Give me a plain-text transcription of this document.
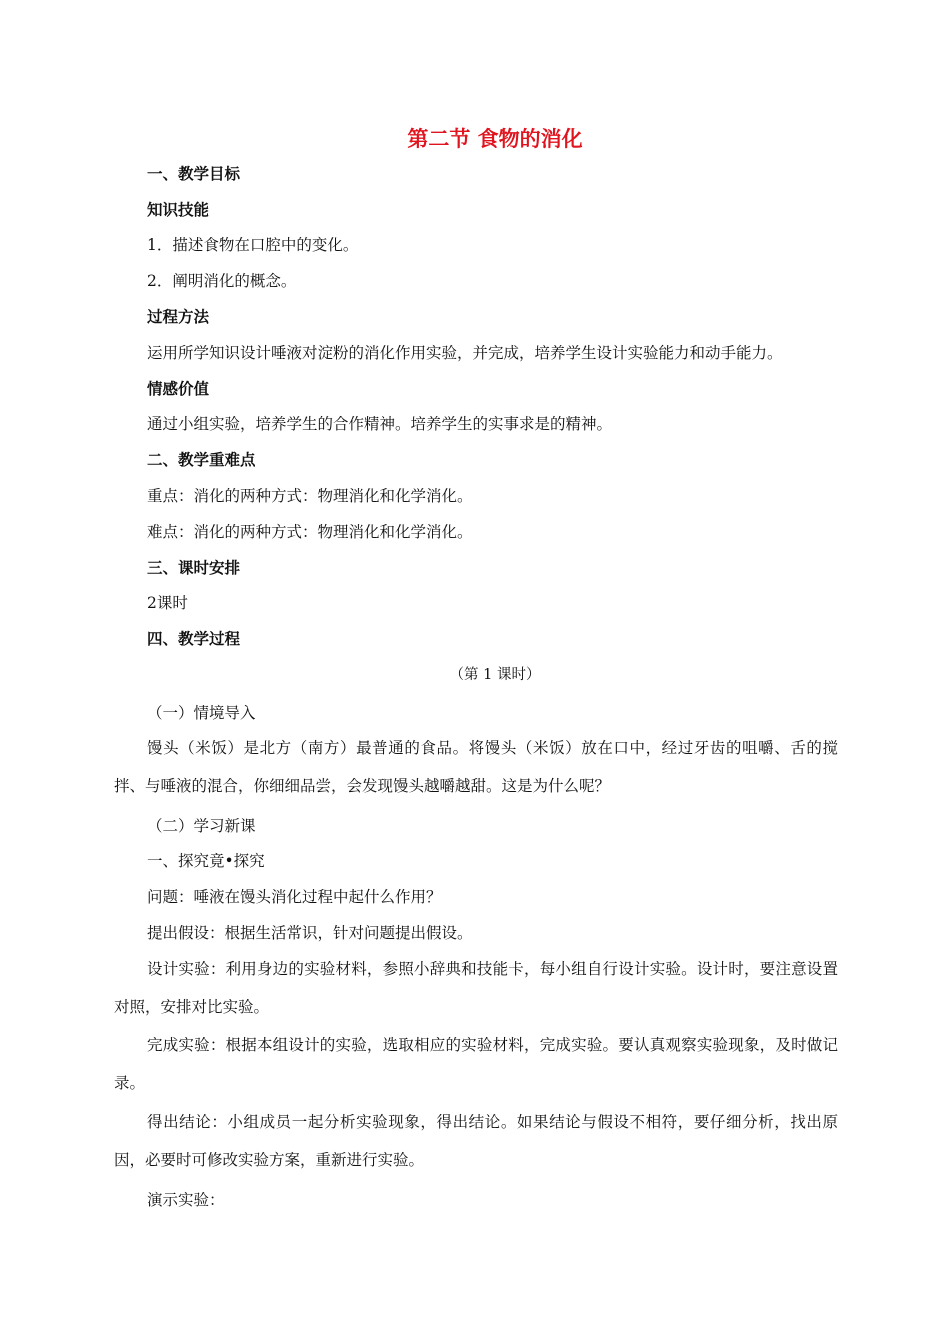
第二节 食物的消化
一、教学目标
知识技能
1．描述食物在口腔中的变化。
2．阐明消化的概念。
过程方法
运用所学知识设计唾液对淀粉的消化作用实验，并完成，培养学生设计实验能力和动手能力。
情感价值
通过小组实验，培养学生的合作精神。培养学生的实事求是的精神。
二、教学重难点
重点：消化的两种方式：物理消化和化学消化。
难点：消化的两种方式：物理消化和化学消化。
三、课时安排
2课时
四、教学过程
（第 1 课时）
（一）情境导入
馒头（米饭）是北方（南方）最普通的食品。将馒头（米饭）放在口中，经过牙齿的咀嚼、舌的搅拌、与唾液的混合，你细细品尝，会发现馒头越嚼越甜。这是为什么呢？
（二）学习新课
一、探究竟•探究
问题：唾液在馒头消化过程中起什么作用？
提出假设：根据生活常识，针对问题提出假设。
设计实验：利用身边的实验材料，参照小辞典和技能卡，每小组自行设计实验。设计时，要注意设置对照，安排对比实验。
完成实验：根据本组设计的实验，选取相应的实验材料，完成实验。要认真观察实验现象，及时做记录。
得出结论：小组成员一起分析实验现象，得出结论。如果结论与假设不相符，要仔细分析，找出原因，必要时可修改实验方案，重新进行实验。
演示实验：
